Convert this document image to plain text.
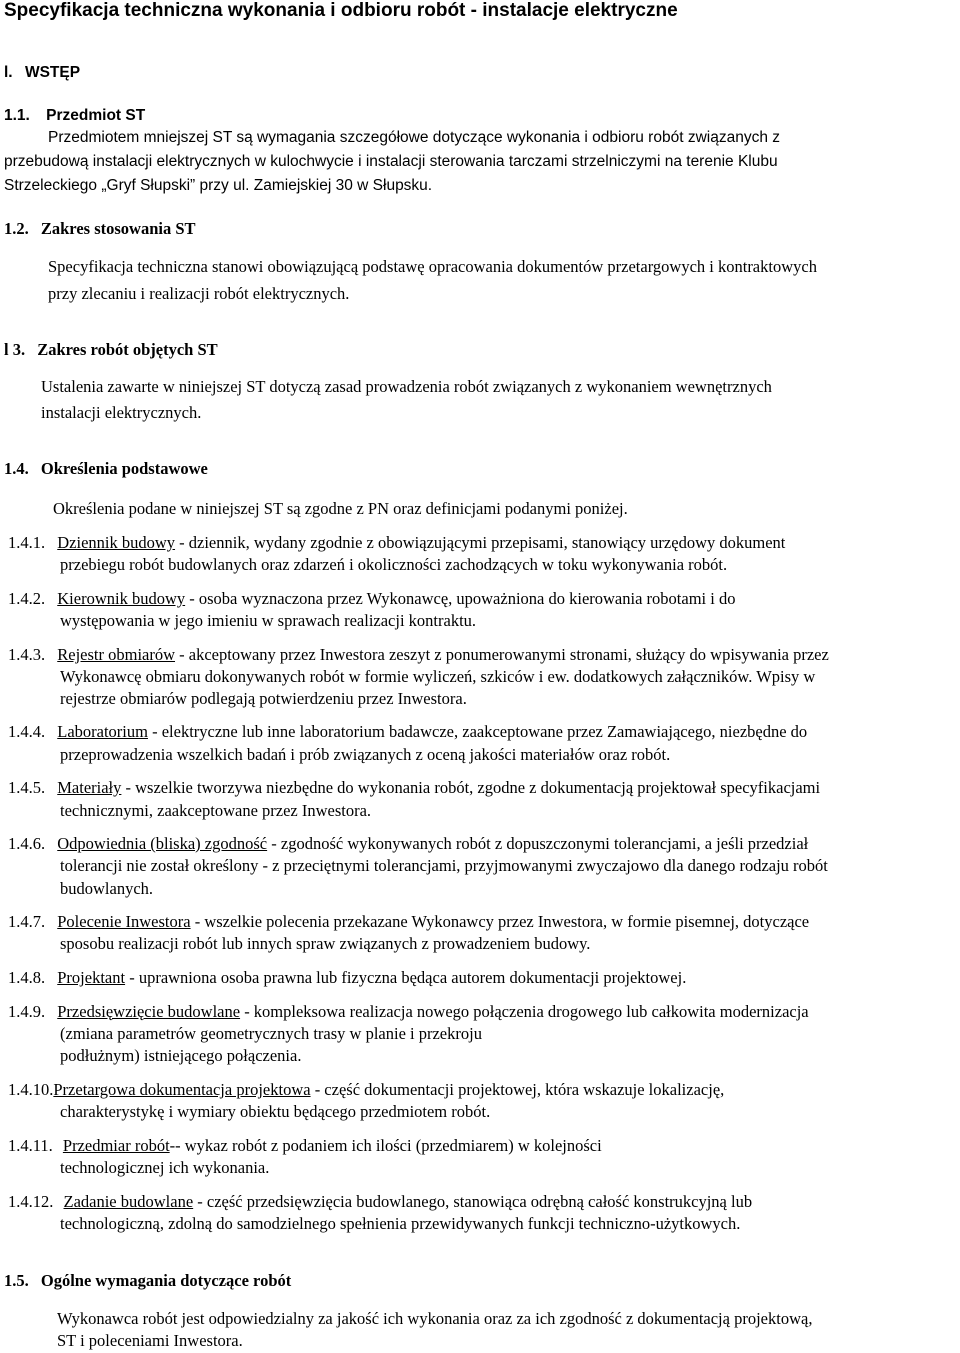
Specyfikacja techniczna wykonania i odbioru robót - instalacje elektryczne
l. WSTĘP
1.1. Przedmiot ST
Przedmiotem mniejszej ST są wymagania szczegółowe dotyczące wykonania i odbioru robót związanych z
przebudową instalacji elektrycznych w kulochwycie i instalacji sterowania tarczami strzelniczymi na terenie Klubu
Strzeleckiego „Gryf Słupski” przy ul. Zamiejskiej 30 w Słupsku.
1.2. Zakres stosowania ST
Specyfikacja techniczna stanowi obowiązującą podstawę opracowania dokumentów przetargowych i kontraktowych
przy zlecaniu i realizacji robót elektrycznych.
l 3. Zakres robót objętych ST
Ustalenia zawarte w niniejszej ST dotyczą zasad prowadzenia robót związanych z wykonaniem wewnętrznych
instalacji elektrycznych.
1.4. Określenia podstawowe
Określenia podane w niniejszej ST są zgodne z PN oraz definicjami podanymi poniżej.
1.4.1. Dziennik budowy - dziennik, wydany zgodnie z obowiązującymi przepisami, stanowiący urzędowy dokument
przebiegu robót budowlanych oraz zdarzeń i okoliczności zachodzących w toku wykonywania robót.
1.4.2. Kierownik budowy - osoba wyznaczona przez Wykonawcę, upoważniona do kierowania robotami i do
występowania w jego imieniu w sprawach realizacji kontraktu.
1.4.3. Rejestr obmiarów - akceptowany przez Inwestora zeszyt z ponumerowanymi stronami, służący do wpisywania przez
Wykonawcę obmiaru dokonywanych robót w formie wyliczeń, szkiców i ew. dodatkowych załączników. Wpisy w
rejestrze obmiarów podlegają potwierdzeniu przez Inwestora.
1.4.4. Laboratorium - elektryczne lub inne laboratorium badawcze, zaakceptowane przez Zamawiającego, niezbędne do
przeprowadzenia wszelkich badań i prób związanych z oceną jakości materiałów oraz robót.
1.4.5. Materiały - wszelkie tworzywa niezbędne do wykonania robót, zgodne z dokumentacją projektował specyfikacjami
technicznymi, zaakceptowane przez Inwestora.
1.4.6. Odpowiednia (bliska) zgodność - zgodność wykonywanych robót z dopuszczonymi tolerancjami, a jeśli przedział
tolerancji nie został określony - z przeciętnymi tolerancjami, przyjmowanymi zwyczajowo dla danego rodzaju robót
budowlanych.
1.4.7. Polecenie Inwestora - wszelkie polecenia przekazane Wykonawcy przez Inwestora, w formie pisemnej, dotyczące
sposobu realizacji robót lub innych spraw związanych z prowadzeniem budowy.
1.4.8. Projektant - uprawniona osoba prawna lub fizyczna będąca autorem dokumentacji projektowej.
1.4.9. Przedsięwzięcie budowlane - kompleksowa realizacja nowego połączenia drogowego lub całkowita modernizacja
(zmiana parametrów geometrycznych trasy w planie i przekroju
podłużnym) istniejącego połączenia.
1.4.10.Przetargowa dokumentacja projektowa - część dokumentacji projektowej, która wskazuje lokalizację,
charakterystykę i wymiary obiektu będącego przedmiotem robót.
1.4.11. Przedmiar robót-- wykaz robót z podaniem ich ilości (przedmiarem) w kolejności
technologicznej ich wykonania.
1.4.12. Zadanie budowlane - część przedsięwzięcia budowlanego, stanowiąca odrębną całość konstrukcyjną lub
technologiczną, zdolną do samodzielnego spełnienia przewidywanych funkcji techniczno-użytkowych.
1.5. Ogólne wymagania dotyczące robót
Wykonawca robót jest odpowiedzialny za jakość ich wykonania oraz za ich zgodność z dokumentacją projektową,
ST i poleceniami Inwestora.
